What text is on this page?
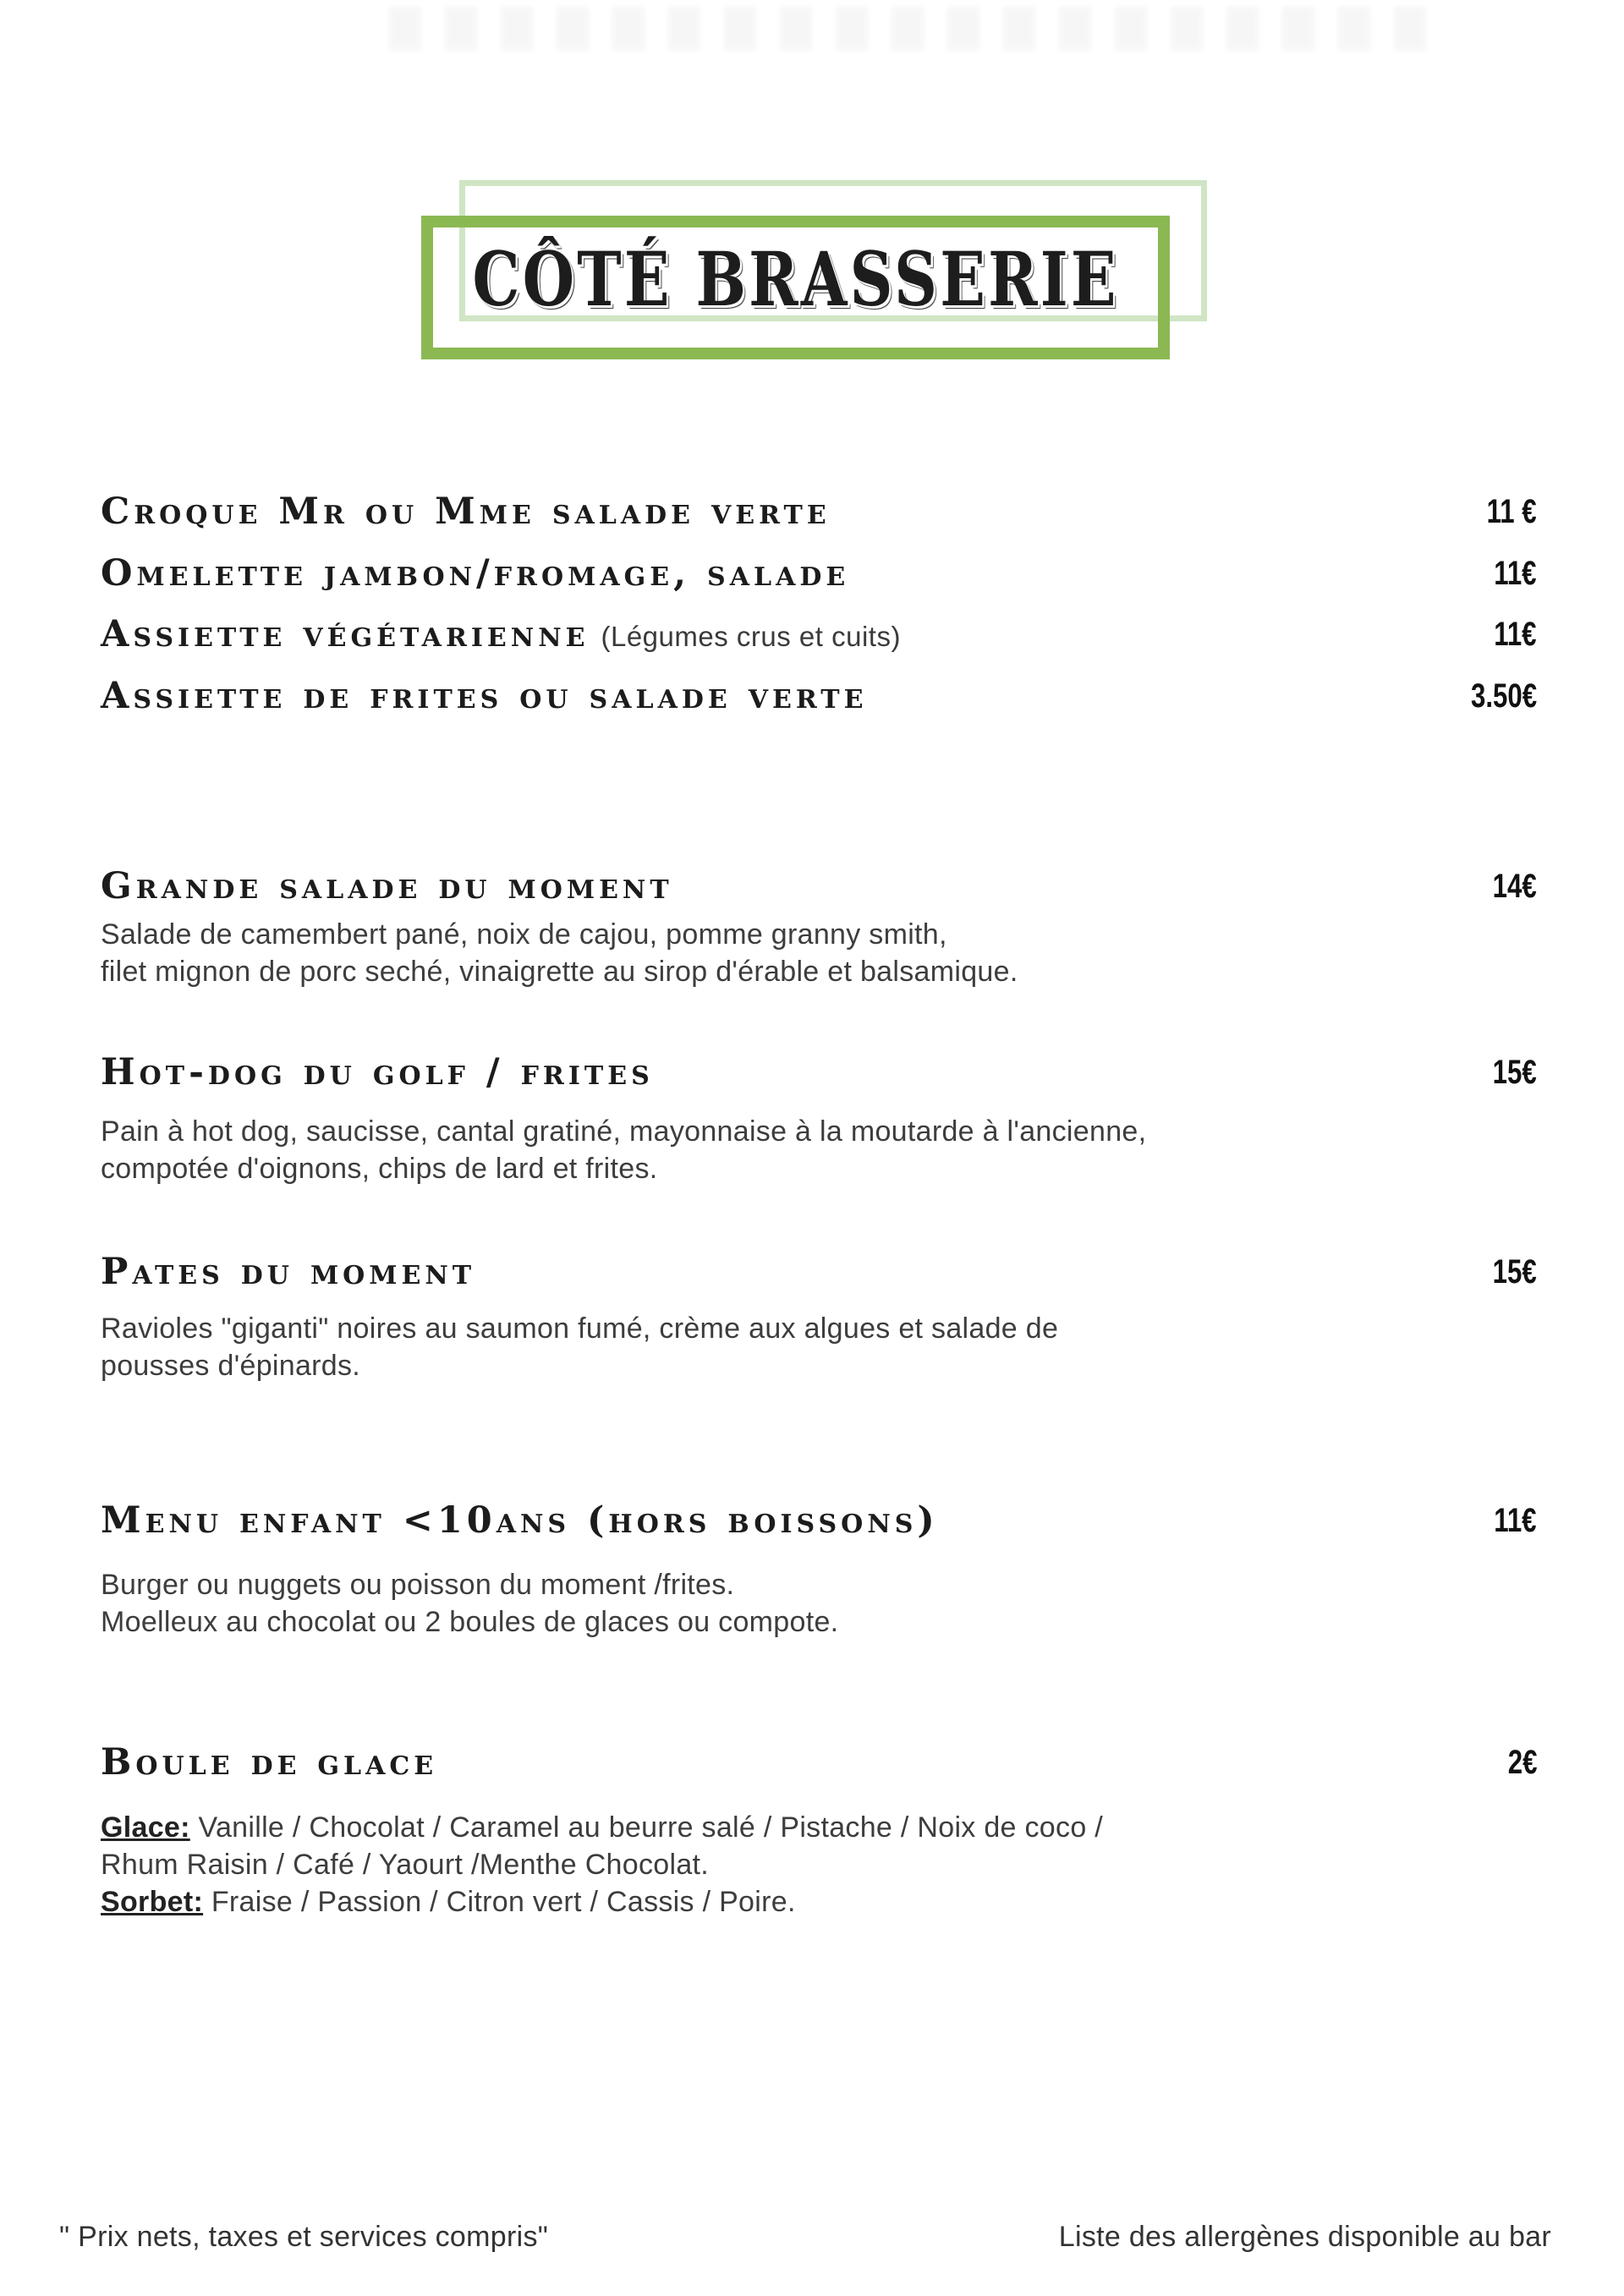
CÔTÉ BRASSERIE
Croque Mr ou Mme salade verte	11 €
Omelette jambon/fromage, salade	11€
Assiette végétarienne (Légumes crus et cuits)	11€
Assiette de frites ou salade verte	3.50€
Grande salade du moment	14€
Salade de camembert pané, noix de cajou, pomme granny smith,
filet mignon de porc seché, vinaigrette au sirop d'érable et balsamique.
Hot-dog du golf / frites	15€
Pain à hot dog, saucisse, cantal gratiné, mayonnaise à la moutarde à l'ancienne,
compotée d'oignons, chips de lard et frites.
Pates du moment	15€
Ravioles "giganti" noires au saumon fumé, crème aux algues et salade de
pousses d'épinards.
Menu enfant <10ans (hors boissons)	11€
Burger ou nuggets ou poisson du moment /frites.
Moelleux au chocolat ou 2 boules de glaces ou compote.
Boule de glace	2€
Glace: Vanille / Chocolat / Caramel au beurre salé / Pistache / Noix de coco /
Rhum Raisin / Café / Yaourt /Menthe Chocolat.
Sorbet: Fraise / Passion / Citron vert / Cassis / Poire.
" Prix nets, taxes et services compris"	Liste des allergènes disponible au bar
